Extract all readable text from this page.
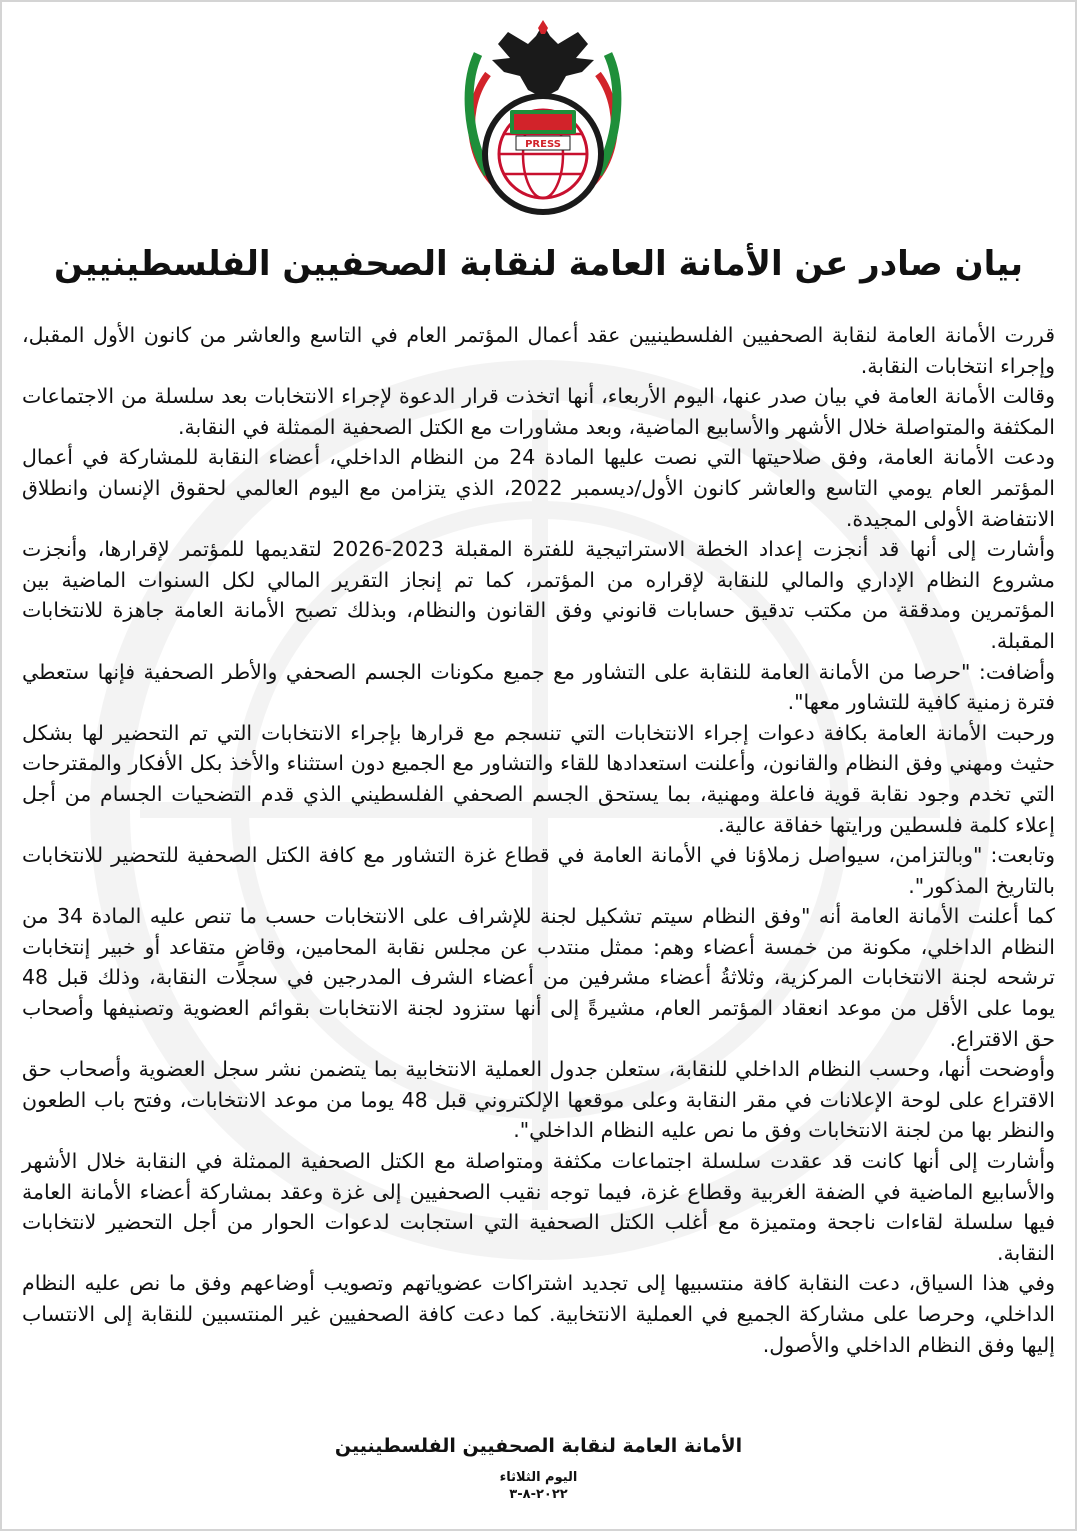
PRESS
بيان صادر عن الأمانة العامة لنقابة الصحفيين الفلسطينيين

قررت الأمانة العامة لنقابة الصحفيين الفلسطينيين عقد أعمال المؤتمر العام في التاسع والعاشر من كانون الأول المقبل، وإجراء انتخابات النقابة.

وقالت الأمانة العامة في بيان صدر عنها، اليوم الأربعاء، أنها اتخذت قرار الدعوة لإجراء الانتخابات بعد سلسلة من الاجتماعات المكثفة والمتواصلة خلال الأشهر والأسابيع الماضية، وبعد مشاورات مع الكتل الصحفية الممثلة في النقابة.

ودعت الأمانة العامة، وفق صلاحيتها التي نصت عليها المادة 24 من النظام الداخلي، أعضاء النقابة للمشاركة في أعمال المؤتمر العام يومي التاسع والعاشر كانون الأول/ديسمبر 2022، الذي يتزامن مع اليوم العالمي لحقوق الإنسان وانطلاق الانتفاضة الأولى المجيدة.

وأشارت إلى أنها قد أنجزت إعداد الخطة الاستراتيجية للفترة المقبلة 2023-2026 لتقديمها للمؤتمر لإقرارها، وأنجزت مشروع النظام الإداري والمالي للنقابة لإقراره من المؤتمر، كما تم إنجاز التقرير المالي لكل السنوات الماضية بين المؤتمرين ومدققة من مكتب تدقيق حسابات قانوني وفق القانون والنظام، وبذلك تصبح الأمانة العامة جاهزة للانتخابات المقبلة.

وأضافت: "حرصا من الأمانة العامة للنقابة على التشاور مع جميع مكونات الجسم الصحفي والأطر الصحفية فإنها ستعطي فترة زمنية كافية للتشاور معها".

ورحبت الأمانة العامة بكافة دعوات إجراء الانتخابات التي تنسجم مع قرارها بإجراء الانتخابات التي تم التحضير لها بشكل حثيث ومهني وفق النظام والقانون، وأعلنت استعدادها للقاء والتشاور مع الجميع دون استثناء والأخذ بكل الأفكار والمقترحات التي تخدم وجود نقابة قوية فاعلة ومهنية، بما يستحق الجسم الصحفي الفلسطيني الذي قدم التضحيات الجسام من أجل إعلاء كلمة فلسطين ورايتها خفاقة عالية.

وتابعت: "وبالتزامن، سيواصل زملاؤنا في الأمانة العامة في قطاع غزة التشاور مع كافة الكتل الصحفية للتحضير للانتخابات بالتاريخ المذكور".

كما أعلنت الأمانة العامة أنه "وفق النظام سيتم تشكيل لجنة للإشراف على الانتخابات حسب ما تنص عليه المادة 34 من النظام الداخلي، مكونة من خمسة أعضاء وهم: ممثل منتدب عن مجلس نقابة المحامين، وقاضٍ متقاعد أو خبير إنتخابات ترشحه لجنة الانتخابات المركزية، وثلاثةُ أعضاء مشرفين من أعضاء الشرف المدرجين في سجلات النقابة، وذلك قبل 48 يوما على الأقل من موعد انعقاد المؤتمر العام، مشيرةً إلى أنها ستزود لجنة الانتخابات بقوائم العضوية وتصنيفها وأصحاب حق الاقتراع.

وأوضحت أنها، وحسب النظام الداخلي للنقابة، ستعلن جدول العملية الانتخابية بما يتضمن نشر سجل العضوية وأصحاب حق الاقتراع على لوحة الإعلانات في مقر النقابة وعلى موقعها الإلكتروني قبل 48 يوما من موعد الانتخابات، وفتح باب الطعون والنظر بها من لجنة الانتخابات وفق ما نص عليه النظام الداخلي".

وأشارت إلى أنها كانت قد عقدت سلسلة اجتماعات مكثفة ومتواصلة مع الكتل الصحفية الممثلة في النقابة خلال الأشهر والأسابيع الماضية في الضفة الغربية وقطاع غزة، فيما توجه نقيب الصحفيين إلى غزة وعقد بمشاركة أعضاء الأمانة العامة فيها سلسلة لقاءات ناجحة ومتميزة مع أغلب الكتل الصحفية التي استجابت لدعوات الحوار من أجل التحضير لانتخابات النقابة.

وفي هذا السياق، دعت النقابة كافة منتسبيها إلى تجديد اشتراكات عضوياتهم وتصويب أوضاعهم وفق ما نص عليه النظام الداخلي، وحرصا على مشاركة الجميع في العملية الانتخابية. كما دعت كافة الصحفيين غير المنتسبين للنقابة إلى الانتساب إليها وفق النظام الداخلي والأصول.

الأمانة العامة لنقابة الصحفيين الفلسطينيين
اليوم الثلاثاء
٢٠٢٢-٨-٣
